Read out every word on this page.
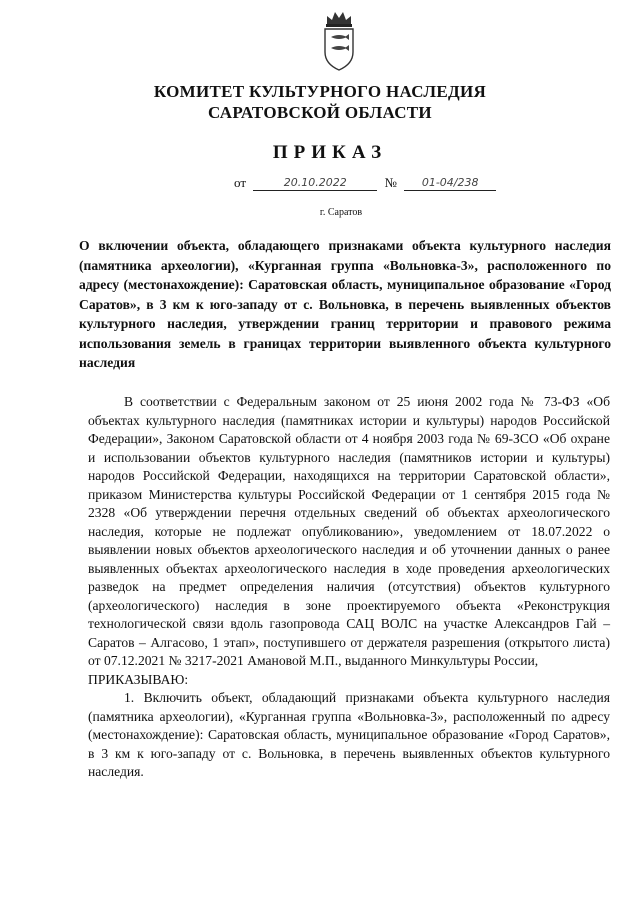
КОМИТЕТ КУЛЬТУРНОГО НАСЛЕДИЯ
САРАТОВСКОЙ ОБЛАСТИ
ПРИКАЗ
от	20.10.2022	№ 01-04/238
г. Саратов
О включении объекта, обладающего признаками объекта культурного наследия (памятника археологии), «Курганная группа «Вольновка-3», расположенного по адресу (местонахождение): Саратовская область, муниципальное образование «Город Саратов», в 3 км к юго-западу от с. Вольновка, в перечень выявленных объектов культурного наследия, утверждении границ территории и правового режима использования земель в границах территории выявленного объекта культурного наследия

В соответствии с Федеральным законом от 25 июня 2002 года № 73-ФЗ «Об объектах культурного наследия (памятниках истории и культуры) народов Российской Федерации», Законом Саратовской области от 4 ноября 2003 года № 69-ЗСО «Об охране и использовании объектов культурного наследия (памятников истории и культуры) народов Российской Федерации, находящихся на территории Саратовской области», приказом Министерства культуры Российской Федерации от 1 сентября 2015 года № 2328 «Об утверждении перечня отдельных сведений об объектах археологического наследия, которые не подлежат опубликованию», уведомлением от 18.07.2022 о выявлении новых объектов археологического наследия и об уточнении данных о ранее выявленных объектах археологического наследия в ходе проведения археологических разведок на предмет определения наличия (отсутствия) объектов культурного (археологического) наследия в зоне проектируемого объекта «Реконструкция технологической связи вдоль газопровода САЦ ВОЛС на участке Александров Гай – Саратов – Алгасово, 1 этап», поступившего от держателя разрешения (открытого листа) от 07.12.2021 № 3217-2021 Амановой М.П., выданного Минкультуры России,

ПРИКАЗЫВАЮ:

1. Включить объект, обладающий признаками объекта культурного наследия (памятника археологии), «Курганная группа «Вольновка-3», расположенный по адресу (местонахождение): Саратовская область, муниципальное образование «Город Саратов», в 3 км к юго-западу от с. Вольновка, в перечень выявленных объектов культурного наследия.
